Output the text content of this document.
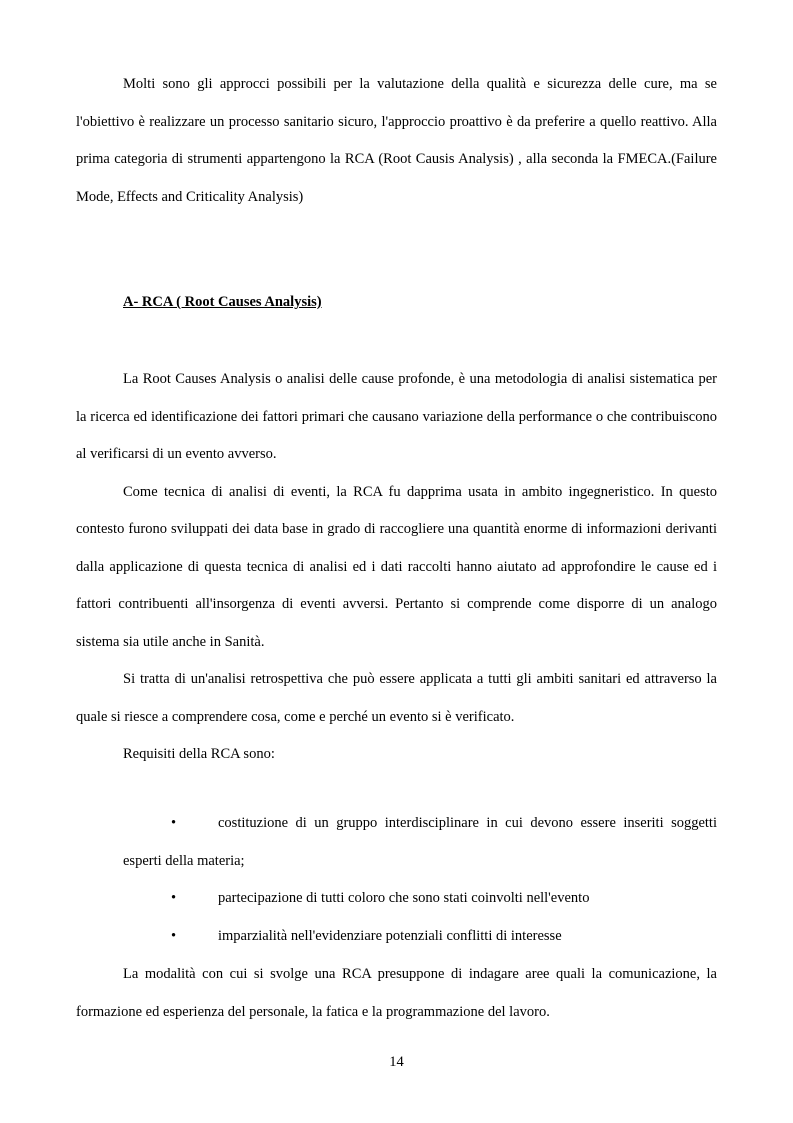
Molti sono gli approcci possibili per la valutazione della qualità e sicurezza delle cure, ma se l'obiettivo è realizzare un processo sanitario sicuro, l'approccio proattivo è da preferire a quello reattivo. Alla prima categoria di strumenti appartengono la RCA (Root Causis Analysis) , alla seconda la FMECA.(Failure Mode, Effects and Criticality Analysis)

A- RCA ( Root Causes Analysis)

La Root Causes Analysis o analisi delle cause profonde, è una metodologia di analisi sistematica per la ricerca ed identificazione dei fattori primari che causano variazione della performance o che contribuiscono al verificarsi di un evento avverso.

Come tecnica di analisi di eventi, la RCA fu dapprima usata in ambito ingegneristico. In questo contesto furono sviluppati dei data base in grado di raccogliere una quantità enorme di informazioni derivanti dalla applicazione di questa tecnica di analisi ed i dati raccolti hanno aiutato ad approfondire le cause ed i fattori contribuenti all'insorgenza di eventi avversi. Pertanto si comprende come disporre di un analogo sistema sia utile anche in Sanità.

Si tratta di un'analisi retrospettiva che può essere applicata a tutti gli ambiti sanitari ed attraverso la quale si riesce a comprendere cosa, come e perché un evento si è verificato.

Requisiti della RCA sono:

•	costituzione di un gruppo interdisciplinare in cui devono essere inseriti soggetti esperti della materia;
•	partecipazione di tutti coloro che sono stati coinvolti nell'evento
•	imparzialità nell'evidenziare potenziali conflitti di interesse

La modalità con cui si svolge una RCA presuppone di indagare aree quali la comunicazione, la formazione ed esperienza del personale, la fatica e la programmazione del lavoro.

14
